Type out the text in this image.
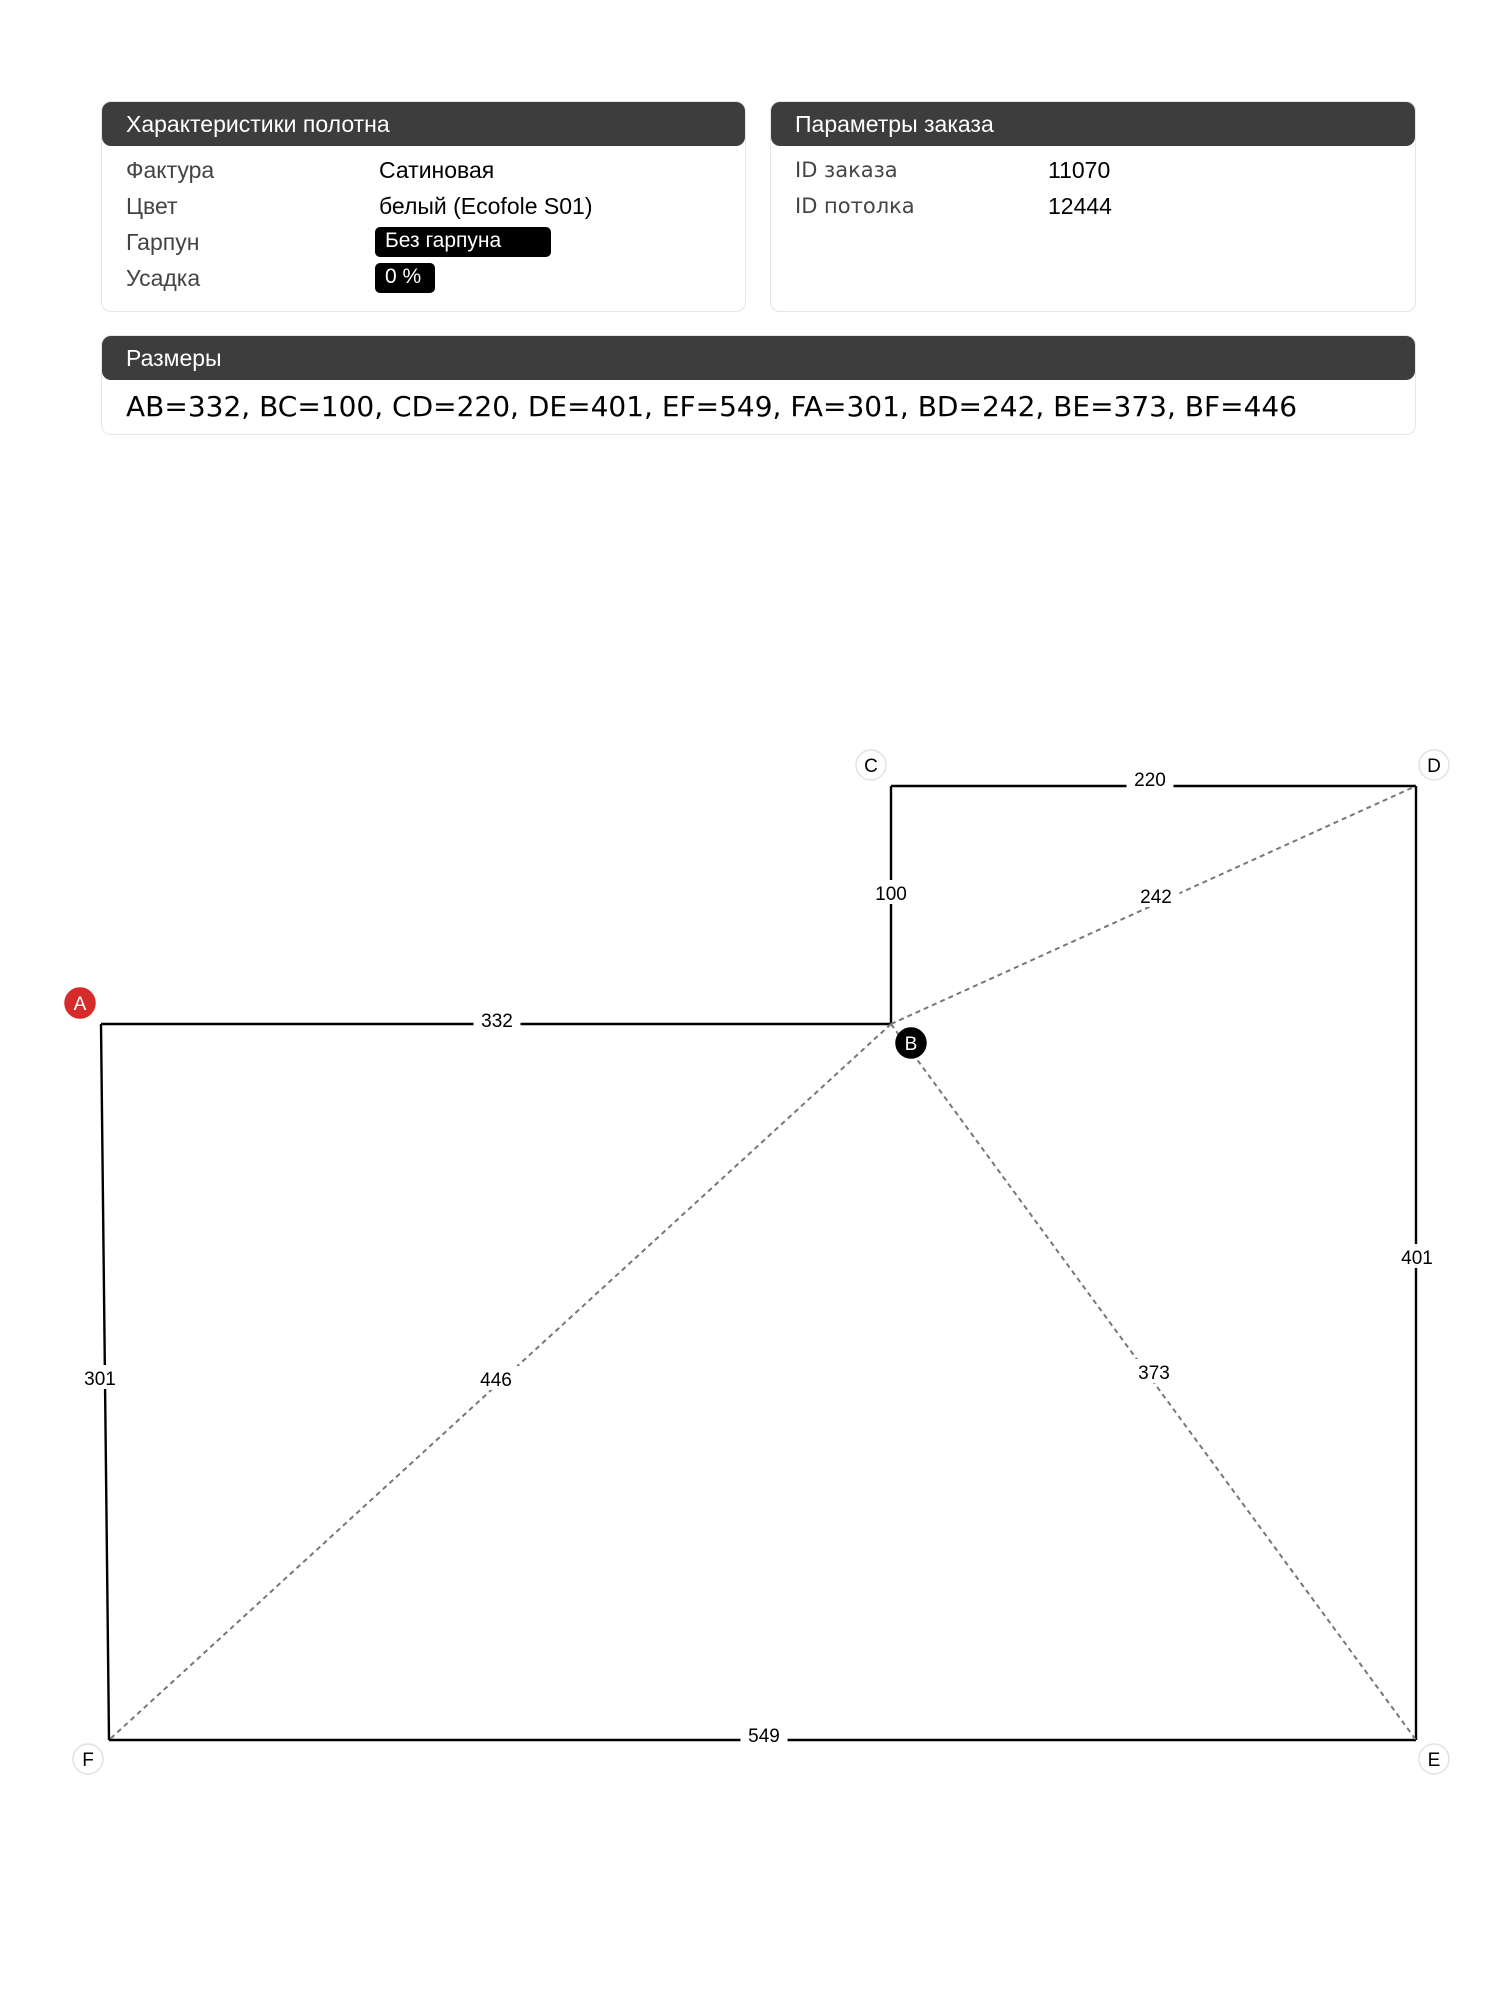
Характеристики полотна
Фактура	Сатиновая
Цвет	белый (Ecofole S01)
Гарпун	Без гарпуна
Усадка	0 %
Параметры заказа
ID заказа	11070
ID потолка	12444
Размеры
AB=332, BC=100, CD=220, DE=401, EF=549, FA=301, BD=242, BE=373, BF=446
332
100
220
401
549
301
242
373
446
A
B
C	D
E
F
